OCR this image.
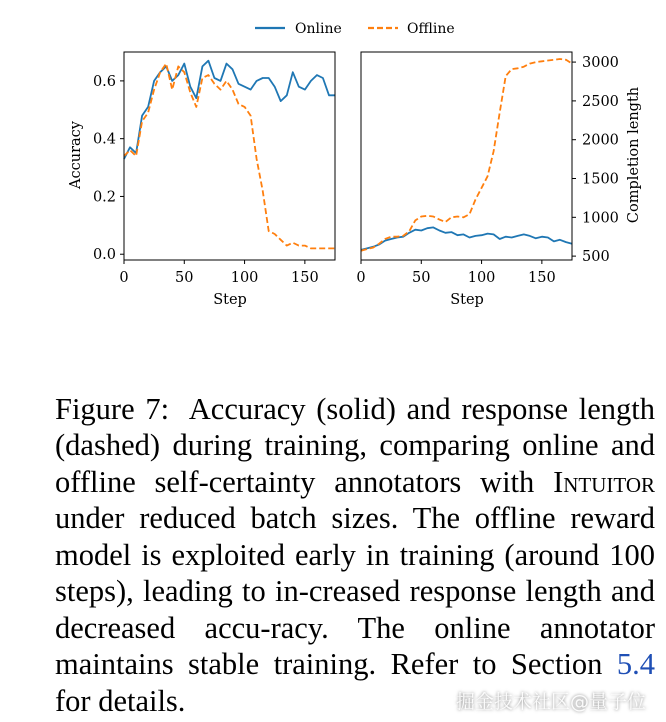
Online	Offline
Accuracy
Step
0	50	100 150
0.0
0.2
0.4
0.6
Completion length
Step
0	50	100 150
500
1000
1500
2000
2500
3000

Figure 7: Accuracy (solid) and response length (dashed) during training, comparing online and offline self-certainty annotators with Intuitor under reduced batch sizes. The offline reward model is exploited early in training (around 100 steps), leading to in-creased response length and decreased accu-racy. The online annotator maintains stable training. Refer to Section 5.4 for details.	掘金技术社区@量子位
